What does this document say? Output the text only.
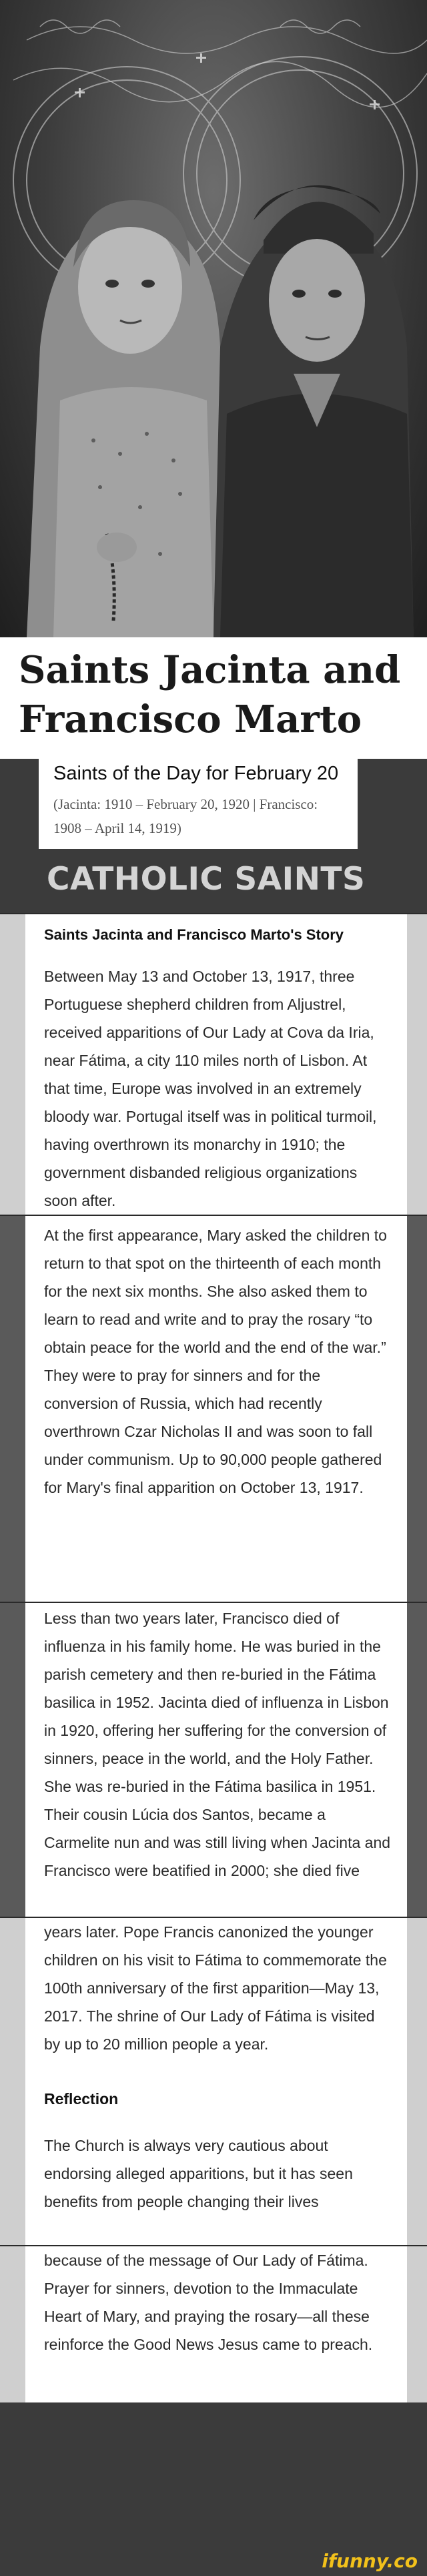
Saints Jacinta and Francisco Marto
Saints of the Day for February 20
(Jacinta: 1910 – February 20, 1920 | Francisco: 1908 – April 14, 1919)
CATHOLIC SAINTS
Saints Jacinta and Francisco Marto's Story
Between May 13 and October 13, 1917, three Portuguese shepherd children from Aljustrel, received apparitions of Our Lady at Cova da Iria, near Fátima, a city 110 miles north of Lisbon. At that time, Europe was involved in an extremely bloody war. Portugal itself was in political turmoil, having overthrown its monarchy in 1910; the government disbanded religious organizations soon after.
At the first appearance, Mary asked the children to return to that spot on the thirteenth of each month for the next six months. She also asked them to learn to read and write and to pray the rosary “to obtain peace for the world and the end of the war.” They were to pray for sinners and for the conversion of Russia, which had recently overthrown Czar Nicholas II and was soon to fall under communism. Up to 90,000 people gathered for Mary's final apparition on October 13, 1917.
Less than two years later, Francisco died of influenza in his family home. He was buried in the parish cemetery and then re-buried in the Fátima basilica in 1952. Jacinta died of influenza in Lisbon in 1920, offering her suffering for the conversion of sinners, peace in the world, and the Holy Father. She was re-buried in the Fátima basilica in 1951. Their cousin Lúcia dos Santos, became a Carmelite nun and was still living when Jacinta and Francisco were beatified in 2000; she died five
years later. Pope Francis canonized the younger children on his visit to Fátima to commemorate the 100th anniversary of the first apparition—May 13, 2017. The shrine of Our Lady of Fátima is visited by up to 20 million people a year.
Reflection
The Church is always very cautious about endorsing alleged apparitions, but it has seen benefits from people changing their lives
because of the message of Our Lady of Fátima. Prayer for sinners, devotion to the Immaculate Heart of Mary, and praying the rosary—all these reinforce the Good News Jesus came to preach.
ifunny.co
